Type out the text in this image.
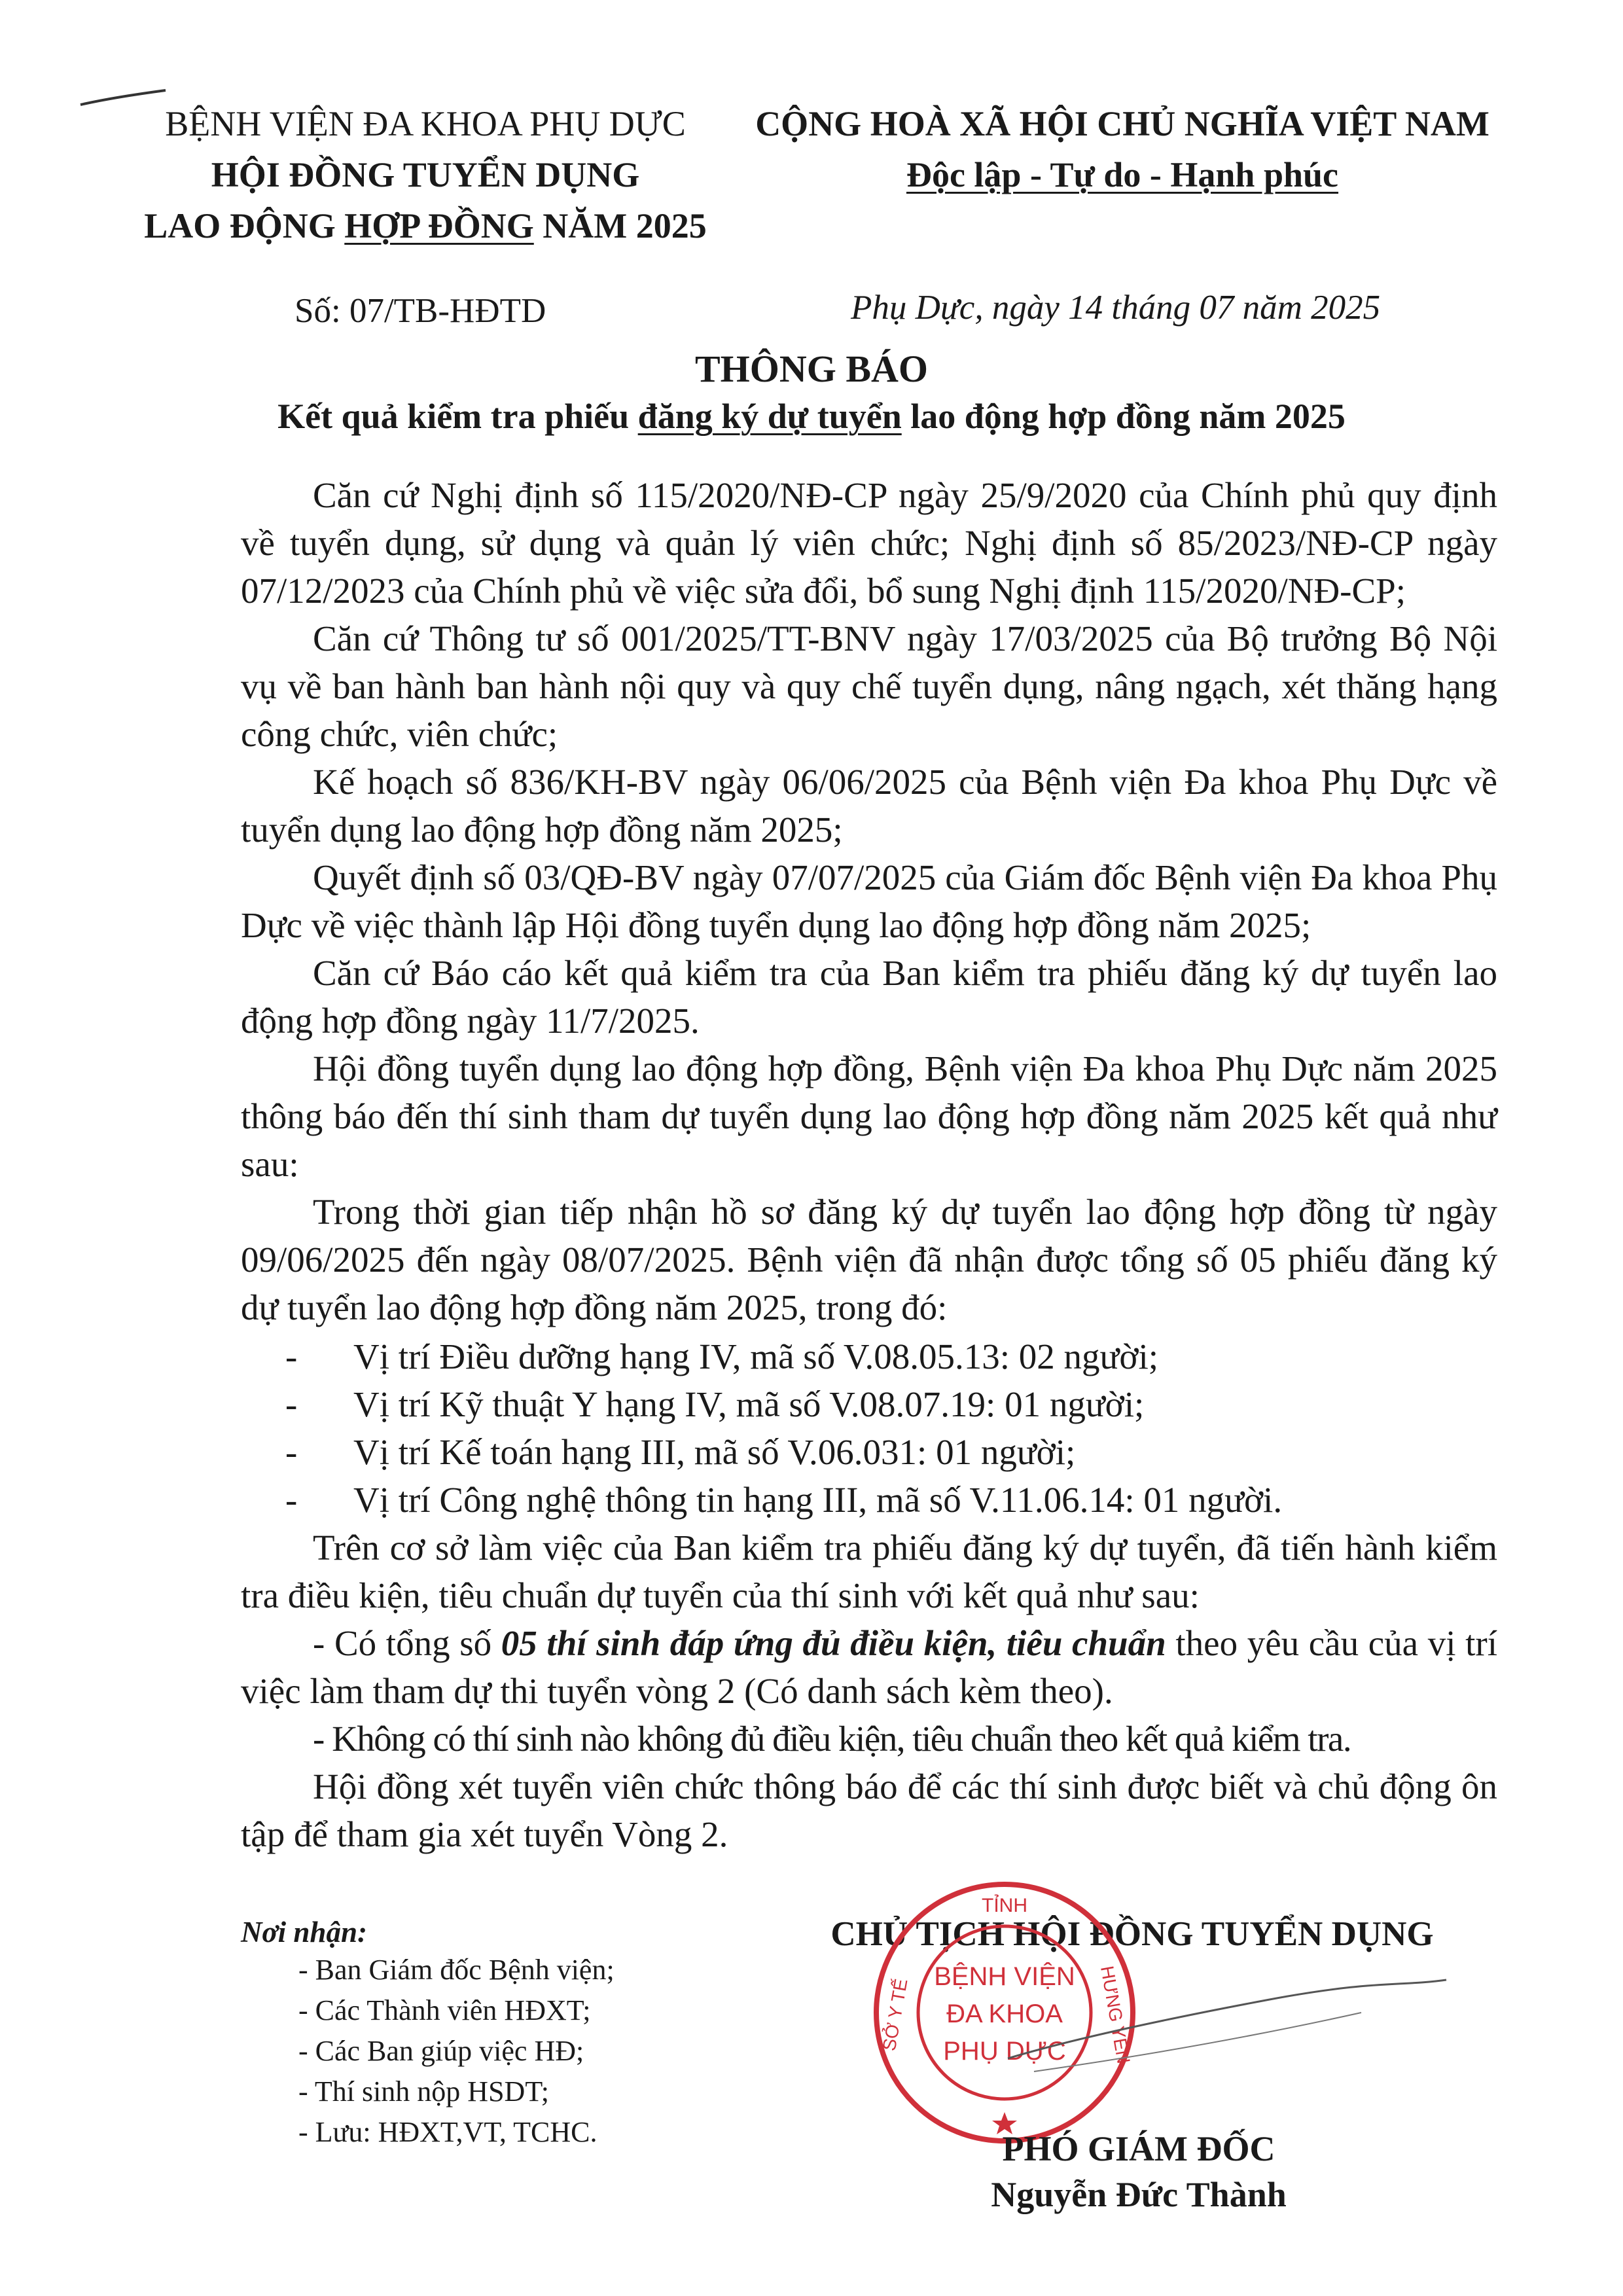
BỆNH VIỆN ĐA KHOA PHỤ DỰC
HỘI ĐỒNG TUYỂN DỤNG
LAO ĐỘNG HỢP ĐỒNG NĂM 2025
CỘNG HOÀ XÃ HỘI CHỦ NGHĨA VIỆT NAM
Độc lập - Tự do - Hạnh phúc
Số: 07/TB-HĐTD	Phụ Dực, ngày 14 tháng 07 năm 2025
THÔNG BÁO
Kết quả kiểm tra phiếu đăng ký dự tuyển lao động hợp đồng năm 2025
Căn cứ Nghị định số 115/2020/NĐ-CP ngày 25/9/2020 của Chính phủ quy định về tuyển dụng, sử dụng và quản lý viên chức; Nghị định số 85/2023/NĐ-CP ngày 07/12/2023 của Chính phủ về việc sửa đổi, bổ sung Nghị định 115/2020/NĐ-CP;
Căn cứ Thông tư số 001/2025/TT-BNV ngày 17/03/2025 của Bộ trưởng Bộ Nội vụ về ban hành ban hành nội quy và quy chế tuyển dụng, nâng ngạch, xét thăng hạng công chức, viên chức;
Kế hoạch số 836/KH-BV ngày 06/06/2025 của Bệnh viện Đa khoa Phụ Dực về tuyển dụng lao động hợp đồng năm 2025;
Quyết định số 03/QĐ-BV ngày 07/07/2025 của Giám đốc Bệnh viện Đa khoa Phụ Dực về việc thành lập Hội đồng tuyển dụng lao động hợp đồng năm 2025;
Căn cứ Báo cáo kết quả kiểm tra của Ban kiểm tra phiếu đăng ký dự tuyển lao động hợp đồng ngày 11/7/2025.
Hội đồng tuyển dụng lao động hợp đồng, Bệnh viện Đa khoa Phụ Dực năm 2025 thông báo đến thí sinh tham dự tuyển dụng lao động hợp đồng năm 2025 kết quả như sau:
Trong thời gian tiếp nhận hồ sơ đăng ký dự tuyển lao động hợp đồng từ ngày 09/06/2025 đến ngày 08/07/2025. Bệnh viện đã nhận được tổng số 05 phiếu đăng ký dự tuyển lao động hợp đồng năm 2025, trong đó:
-	Vị trí Điều dưỡng hạng IV, mã số V.08.05.13: 02 người;
-	Vị trí Kỹ thuật Y hạng IV, mã số V.08.07.19: 01 người;
-	Vị trí Kế toán hạng III, mã số V.06.031: 01 người;
-	Vị trí Công nghệ thông tin hạng III, mã số V.11.06.14: 01 người.
Trên cơ sở làm việc của Ban kiểm tra phiếu đăng ký dự tuyển, đã tiến hành kiểm tra điều kiện, tiêu chuẩn dự tuyển của thí sinh với kết quả như sau:
- Có tổng số 05 thí sinh đáp ứng đủ điều kiện, tiêu chuẩn theo yêu cầu của vị trí việc làm tham dự thi tuyển vòng 2 (Có danh sách kèm theo).
- Không có thí sinh nào không đủ điều kiện, tiêu chuẩn theo kết quả kiểm tra.
Hội đồng xét tuyển viên chức thông báo để các thí sinh được biết và chủ động ôn tập để tham gia xét tuyển Vòng 2.
Nơi nhận:
- Ban Giám đốc Bệnh viện;
- Các Thành viên HĐXT;
- Các Ban giúp việc HĐ;
- Thí sinh nộp HSDT;
- Lưu: HĐXT,VT, TCHC.
CHỦ TỊCH HỘI ĐỒNG TUYỂN DỤNG
TỈNH
HƯNG YÊN
SỞ Y TẾ
BỆNH VIỆN
ĐA KHOA
PHỤ DỰC
PHÓ GIÁM ĐỐC
Nguyễn Đức Thành
